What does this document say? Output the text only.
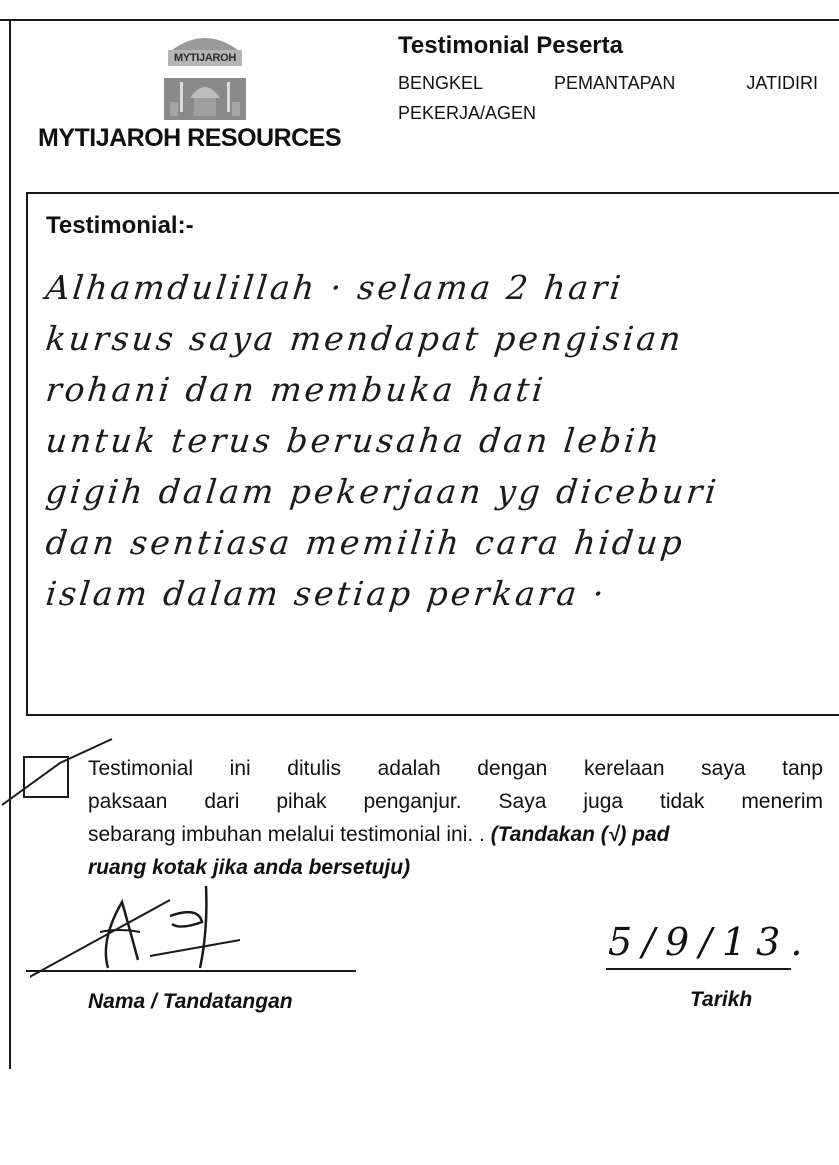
MYTIJAROH
MYTIJAROH RESOURCES
Testimonial Peserta
BENGKEL	PEMANTAPAN	JATIDIRI
PEKERJA/AGEN
Testimonial:-
Alhamdulillah · selama 2 hari
kursus saya mendapat pengisian
rohani dan membuka hati
untuk terus berusaha dan lebih
gigih dalam pekerjaan yg diceburi
dan sentiasa memilih cara hidup
islam dalam setiap perkara ·
Testimonial ini ditulis adalah dengan kerelaan saya tanp
paksaan dari pihak penganjur. Saya juga tidak menerim
sebarang imbuhan melalui testimonial ini. . (Tandakan (√) pad
ruang kotak jika anda bersetuju)
Nama / Tandatangan
5/9/13.
Tarikh
